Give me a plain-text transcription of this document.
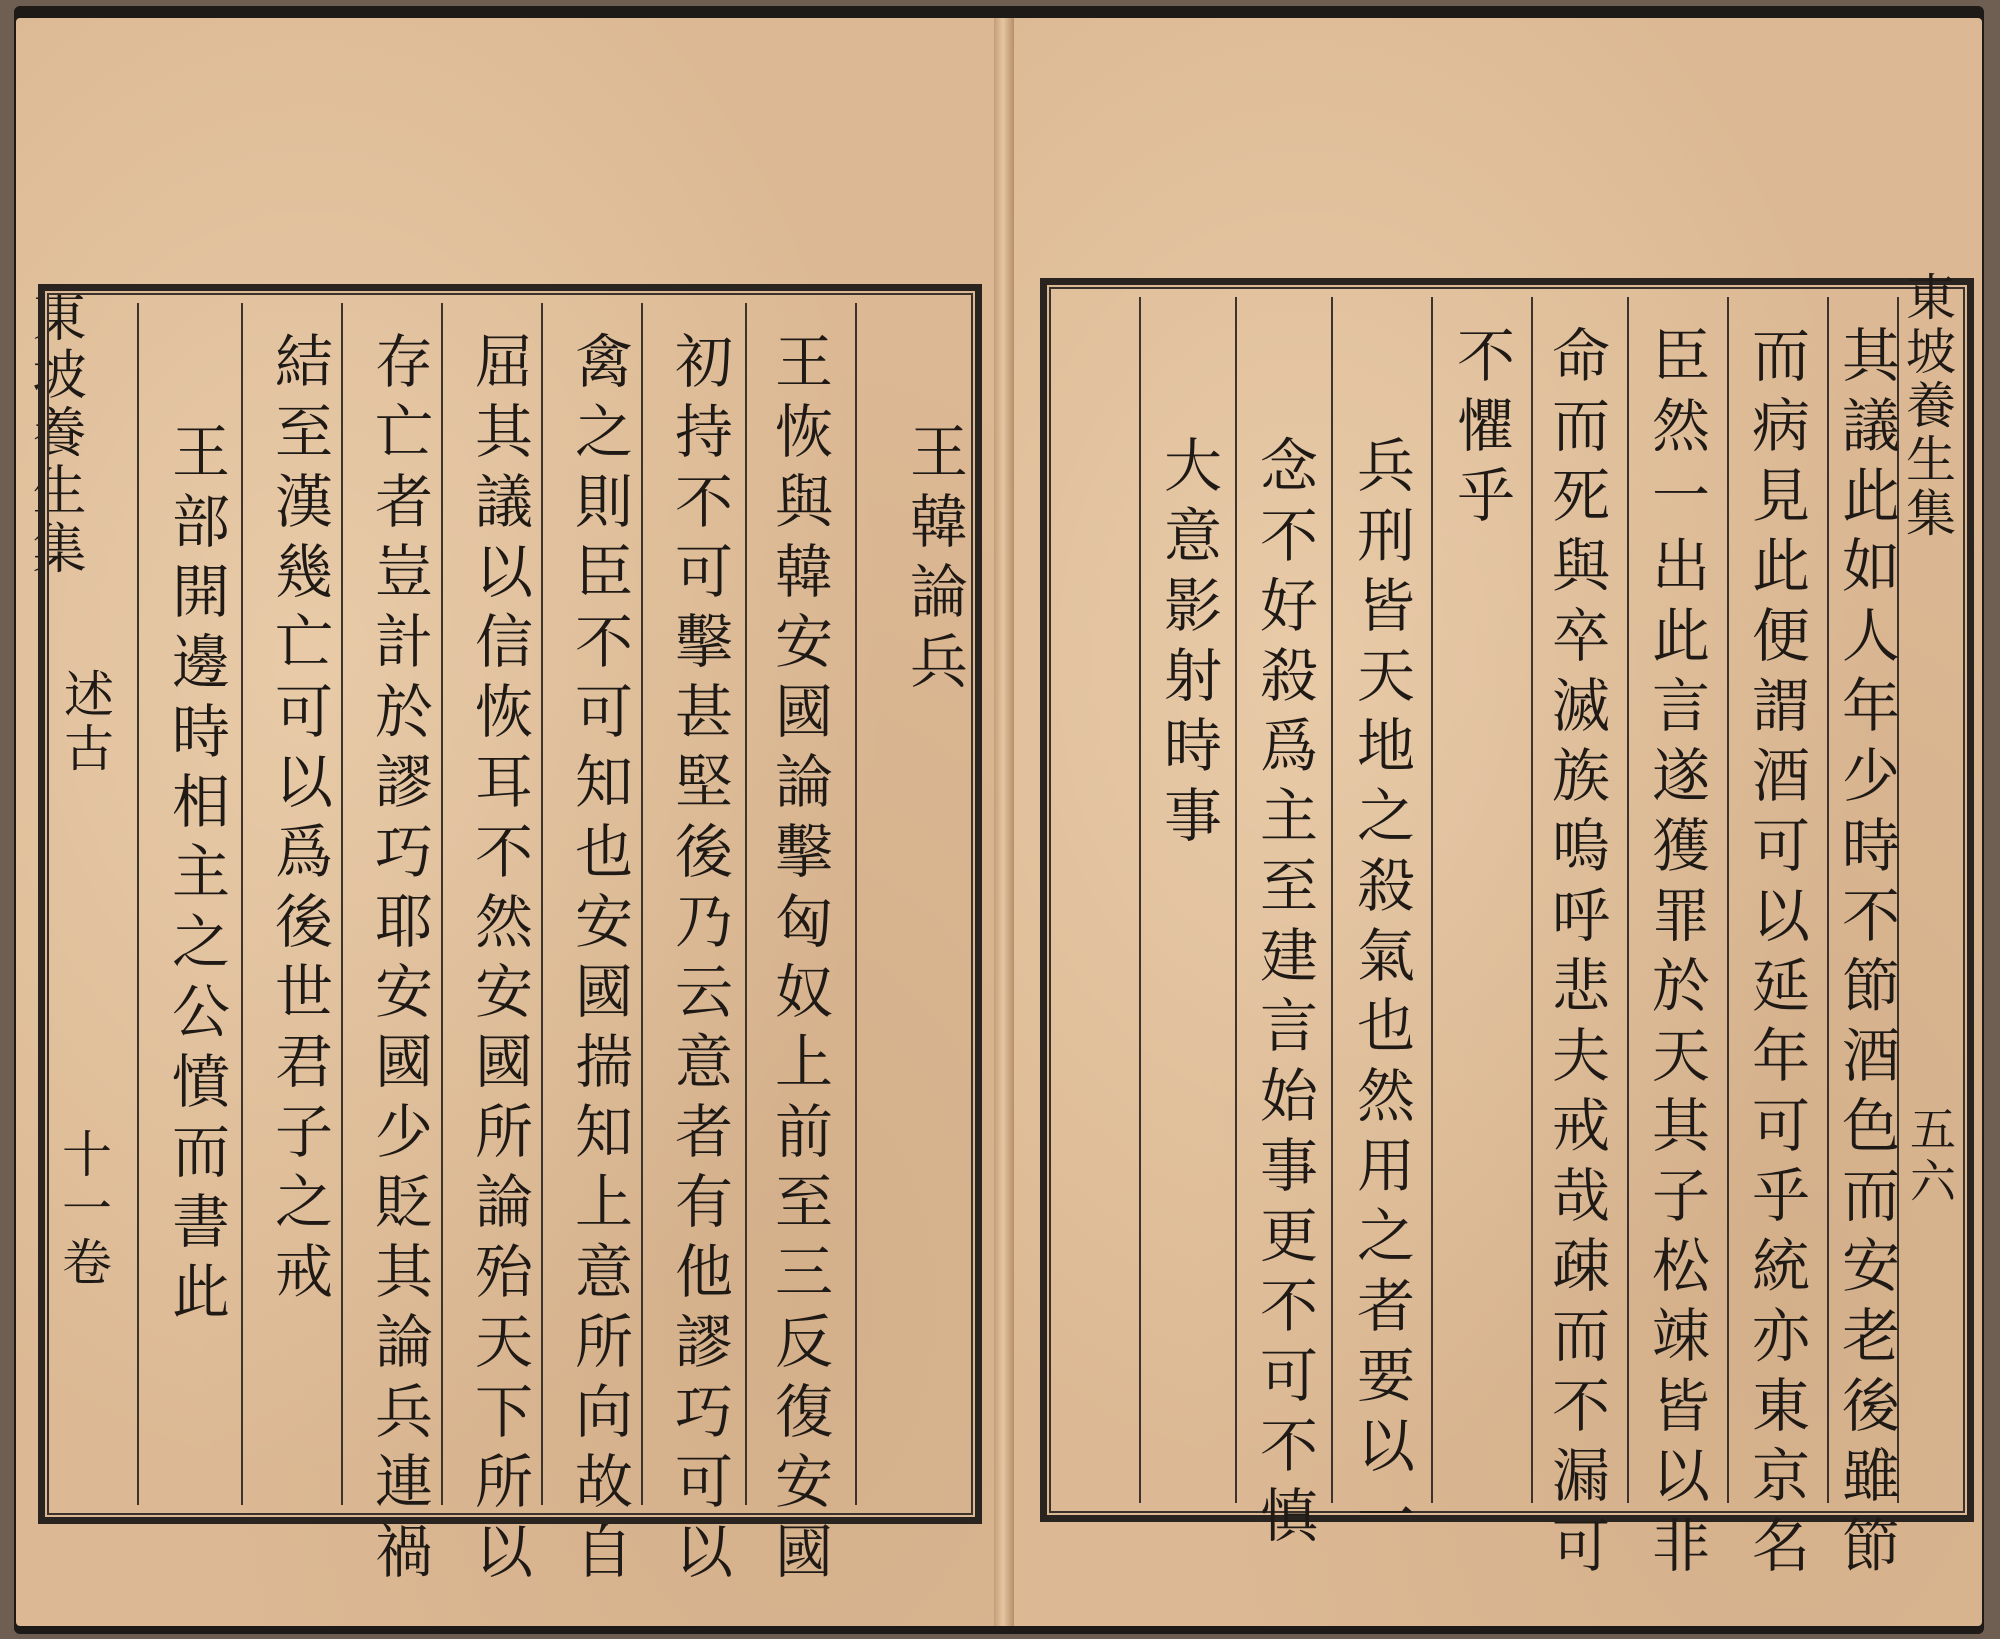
東坡養生集
述古
十一卷
王韓論兵
王恢與韓安國論擊匈奴上前至三反復安國
初持不可擊甚堅後乃云意者有他謬巧可以
禽之則臣不可知也安國揣知上意所向故自
屈其議以信恢耳不然安國所論殆天下所以
存亡者豈計於謬巧耶安國少貶其論兵連禍
結至漢幾亡可以爲後世君子之戒
王部開邊時相主之公憤而書此	其議此如人年少時不節酒色而安老後雖節
而病見此便謂酒可以延年可乎統亦東京名
臣然一出此言遂獲罪於天其子松竦皆以非
命而死與卒滅族嗚呼悲夫戒哉疎而不漏可
不懼乎
兵刑皆天地之殺氣也然用之者要以一
念不好殺爲主至建言始事更不可不慎
大意影射時事
東坡養生集
五六
